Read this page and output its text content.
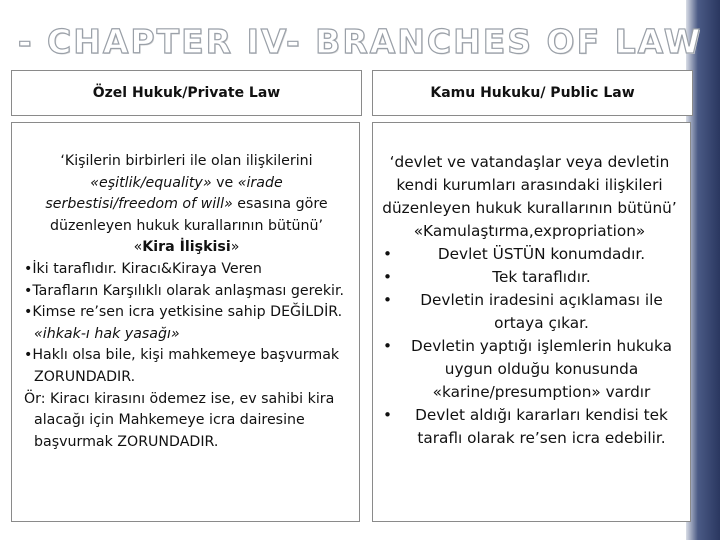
- CHAPTER IV- BRANCHES OF LAW
Özel Hukuk/Private Law	Kamu Hukuku/ Public Law
‘Kişilerin birbirleri ile olan ilişkilerini «eşitlik/equality» ve «irade serbestisi/freedom of will» esasına göre düzenleyen hukuk kurallarının bütünü’
«Kira İlişkisi»
•İki taraflıdır. Kiracı&Kiraya Veren
•Tarafların Karşılıklı olarak anlaşması gerekir.
•Kimse re’sen icra yetkisine sahip DEĞİLDİR. «ihkak-ı hak yasağı»
•Haklı olsa bile, kişi mahkemeye başvurmak ZORUNDADIR.
Ör: Kiracı kirasını ödemez ise, ev sahibi kira alacağı için Mahkemeye icra dairesine başvurmak ZORUNDADIR.
‘devlet ve vatandaşlar veya devletin kendi kurumları arasındaki ilişkileri düzenleyen hukuk kurallarının bütünü’
«Kamulaştırma,expropriation»
•	Devlet ÜSTÜN konumdadır.
•	Tek taraflıdır.
• Devletin iradesini açıklaması ile ortaya çıkar.
• Devletin yaptığı işlemlerin hukuka uygun olduğu konusunda «karine/presumption» vardır
• Devlet aldığı kararları kendisi tek taraflı olarak re’sen icra edebilir.
